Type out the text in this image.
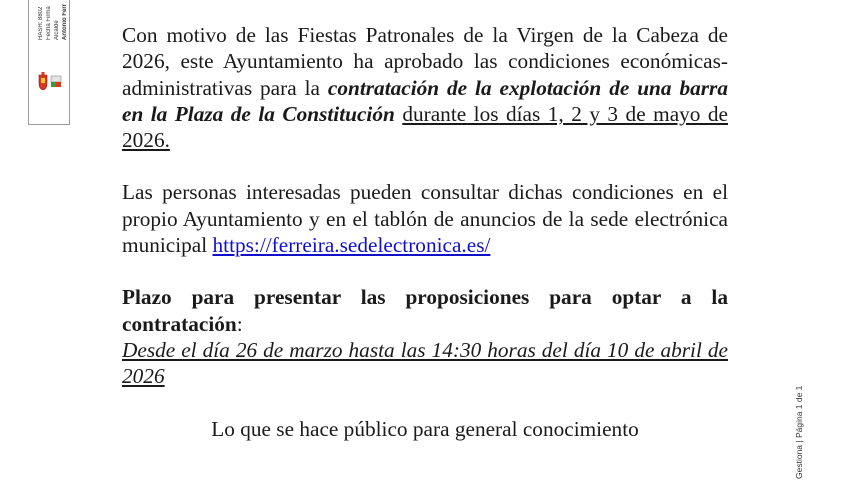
Antonio Ferr
Alcalde
Fecha Firma
HASH: 8802	Con motivo de las Fiestas Patronales de la Virgen de la Cabeza de 2026, este Ayuntamiento ha aprobado las condiciones económicas-administrativas para la contratación de la explotación de una barra en la Plaza de la Constitución durante los días 1, 2 y 3 de mayo de 2026.

Las personas interesadas pueden consultar dichas condiciones en el propio Ayuntamiento y en el tablón de anuncios de la sede electrónica municipal https://ferreira.sedelectronica.es/

Plazo para presentar las proposiciones para optar a la contratación:
Desde el día 26 de marzo hasta las 14:30 horas del día 10 de abril de 2026

Lo que se hace público para general conocimiento	Gestiona | Página 1 de 1
